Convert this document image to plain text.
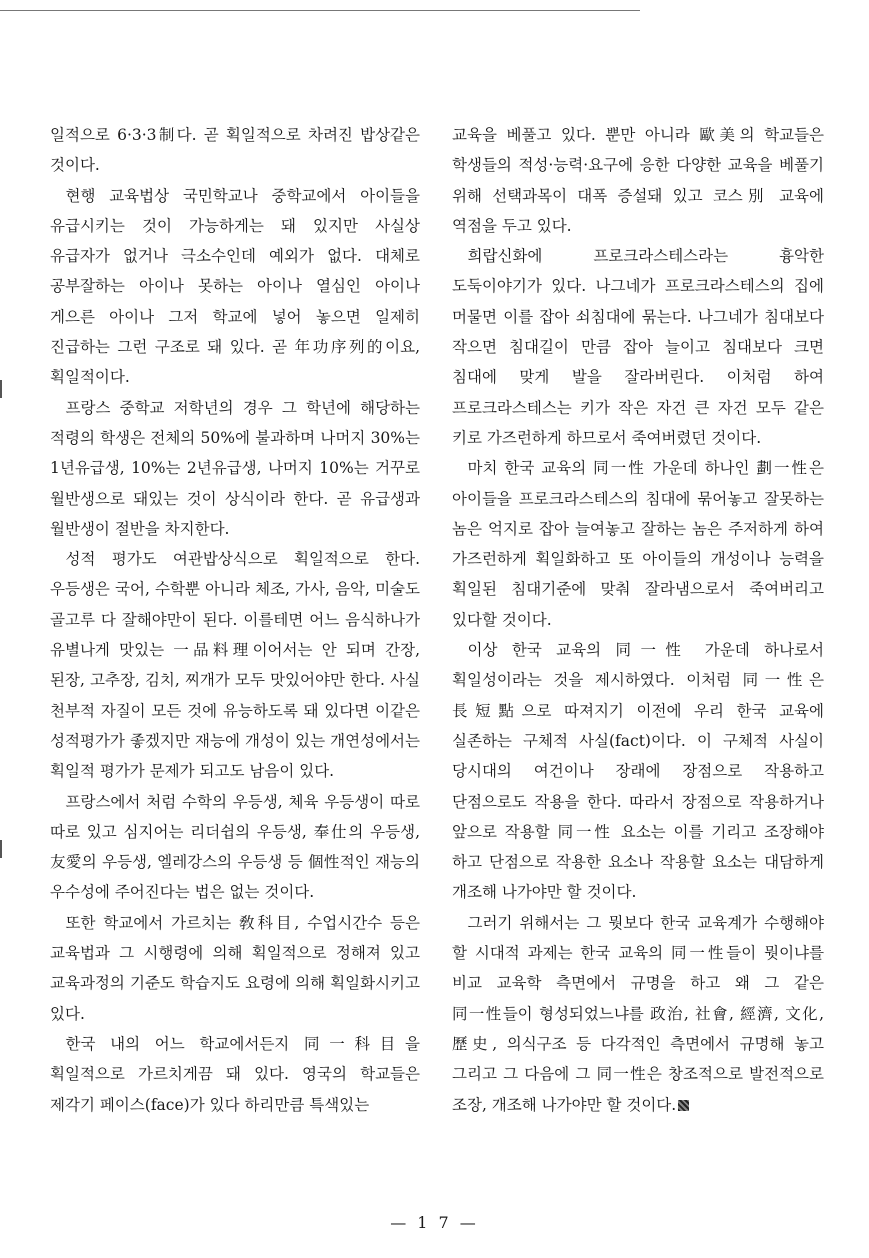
일적으로 6·3·3制다. 곧 획일적으로 차려진 밥상같은 것이다.

현행 교육법상 국민학교나 중학교에서 아이들을 유급시키는 것이 가능하게는 돼 있지만 사실상 유급자가 없거나 극소수인데 예외가 없다. 대체로 공부잘하는 아이나 못하는 아이나 열심인 아이나 게으른 아이나 그저 학교에 넣어 놓으면 일제히 진급하는 그런 구조로 돼 있다. 곧 年功序列的이요, 획일적이다.

프랑스 중학교 저학년의 경우 그 학년에 해당하는 적령의 학생은 전체의 50%에 불과하며 나머지 30%는 1년유급생, 10%는 2년유급생, 나머지 10%는 거꾸로 월반생으로 돼있는 것이 상식이라 한다. 곧 유급생과 월반생이 절반을 차지한다.

성적 평가도 여관밥상식으로 획일적으로 한다. 우등생은 국어, 수학뿐 아니라 체조, 가사, 음악, 미술도 골고루 다 잘해야만이 된다. 이를테면 어느 음식하나가 유별나게 맛있는 一品料理이어서는 안 되며 간장, 된장, 고추장, 김치, 찌개가 모두 맛있어야만 한다. 사실 천부적 자질이 모든 것에 유능하도록 돼 있다면 이같은 성적평가가 좋겠지만 재능에 개성이 있는 개연성에서는 획일적 평가가 문제가 되고도 남음이 있다.

프랑스에서 처럼 수학의 우등생, 체육 우등생이 따로 따로 있고 심지어는 리더쉽의 우등생, 奉仕의 우등생, 友愛의 우등생, 엘레강스의 우등생 등 個性적인 재능의 우수성에 주어진다는 법은 없는 것이다.

또한 학교에서 가르치는 敎科目, 수업시간수 등은 교육법과 그 시행령에 의해 획일적으로 정해져 있고 교육과정의 기준도 학습지도 요령에 의해 획일화시키고 있다.

한국 내의 어느 학교에서든지 同一科目을 획일적으로 가르치게끔 돼 있다. 영국의 학교들은 제각기 페이스(face)가 있다 하리만큼 특색있는

교육을 베풀고 있다. 뿐만 아니라 歐美의 학교들은 학생들의 적성·능력·요구에 응한 다양한 교육을 베풀기 위해 선택과목이 대폭 증설돼 있고 코스別 교육에 역점을 두고 있다.

희랍신화에 프로크라스테스라는 흉악한 도둑이야기가 있다. 나그네가 프로크라스테스의 집에 머물면 이를 잡아 쇠침대에 묶는다. 나그네가 침대보다 작으면 침대길이 만큼 잡아 늘이고 침대보다 크면 침대에 맞게 발을 잘라버린다. 이처럼 하여 프로크라스테스는 키가 작은 자건 큰 자건 모두 같은 키로 가즈런하게 하므로서 죽여버렸던 것이다.

마치 한국 교육의 同一性 가운데 하나인 劃一性은 아이들을 프로크라스테스의 침대에 묶어놓고 잘못하는 놈은 억지로 잡아 늘여놓고 잘하는 놈은 주저하게 하여 가즈런하게 획일화하고 또 아이들의 개성이나 능력을 획일된 침대기준에 맞춰 잘라냄으로서 죽여버리고 있다할 것이다.

이상 한국 교육의 同一性 가운데 하나로서 획일성이라는 것을 제시하였다. 이처럼 同一性은 長短點으로 따져지기 이전에 우리 한국 교육에 실존하는 구체적 사실(fact)이다. 이 구체적 사실이 당시대의 여건이나 장래에 장점으로 작용하고 단점으로도 작용을 한다. 따라서 장점으로 작용하거나 앞으로 작용할 同一性 요소는 이를 기리고 조장해야 하고 단점으로 작용한 요소나 작용할 요소는 대담하게 개조해 나가야만 할 것이다.

그러기 위해서는 그 뭣보다 한국 교육계가 수행해야 할 시대적 과제는 한국 교육의 同一性들이 뭣이냐를 비교 교육학 측면에서 규명을 하고 왜 그 같은 同一性들이 형성되었느냐를 政治, 社會, 經濟, 文化, 歷史, 의식구조 등 다각적인 측면에서 규명해 놓고 그리고 그 다음에 그 同一性은 창조적으로 발전적으로 조장, 개조해 나가야만 할 것이다.

— 1 7 —
